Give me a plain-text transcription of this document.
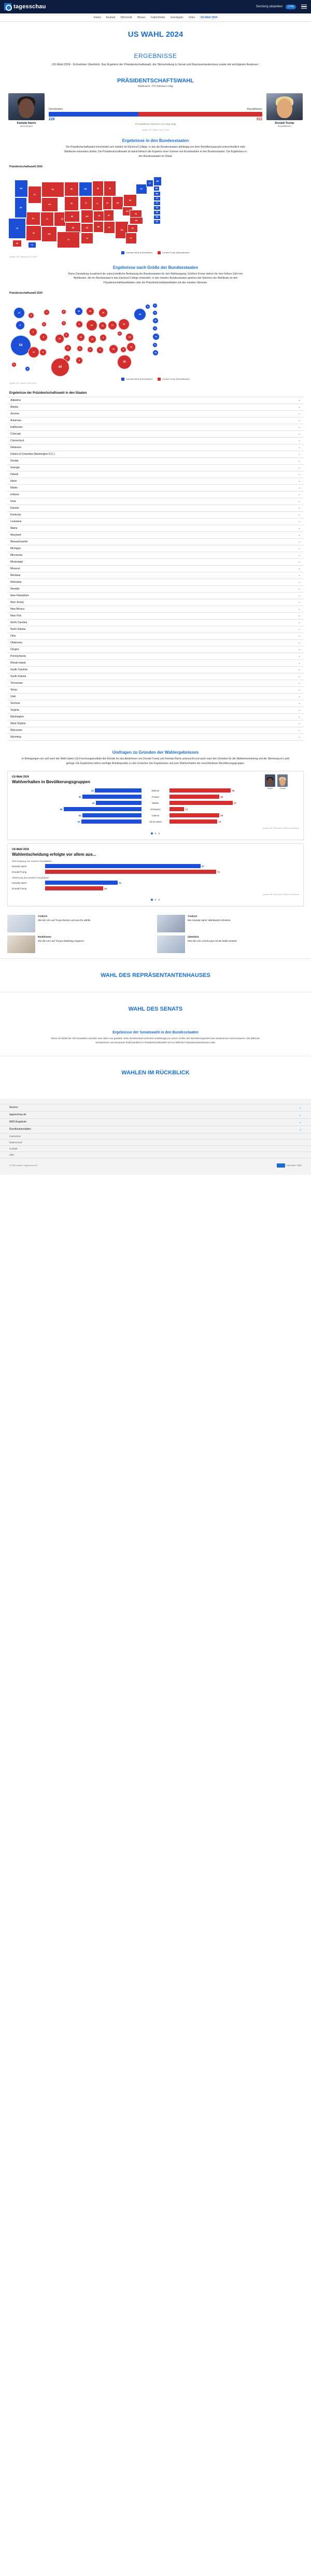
tagesschau	Sendung abspielen	LIVE
Inland Ausland Wirtschaft Wissen Faktenfinder Investigativ Video US-Wahl 2024
US WAHL 2024
ERGEBNISSE
US-Wahl 2024 - Schnellster Überblick: Das Ergebnis der Präsidentschaftswahl, die Sitzverteilung in Senat und Repräsentantenhaus sowie die wichtigsten Analysen.
PRÄSIDENTSCHAFTSWAHL
Wahlnacht: 270 Stimmen nötig
Kamala Harris
Demokraten
Demokraten	Republikaner
226	312
270 Wahlleute-Stimmen zum Sieg nötig	Donald Trump
Republikaner
Quelle: AP, Stand: 06.11.2024
Ergebnisse in den Bundesstaaten
Die Präsidentschaftswahl entscheidet sich letztlich im Electoral College, in das die Bundesstaaten abhängig von ihrer Bevölkerungszahl unterschiedlich viele Wahlleute entsenden dürfen. Die Präsidentschaftswahl ist damit faktisch die Ergebnis einer Summe von Einzelwahlen in den Bundesstaaten. Die Ergebnisse in den Bundesstaaten im Detail:
Präsidentschaftswahl 2024
CA
NV
AZ
OR
WA
ID
UT
NM
MT
WY
CO
ND
SD
NE
KS
TX
IA
MN
MO
AR
LA
WI
IL	IN
TN
MS	AL
MI
OH
KY
GA
FL
PA
WV
VA
NC
SC
NY
VT
ME
NH
MA
RI
CT
NJ
DE
MD
DC
AK
HI
Kamala Harris (Demokraten)	Donald Trump (Republikaner)
Quelle: AP, Stand: 06.11.2024
Ergebnisse nach Größe der Bundesstaaten
Diese Darstellung visualisiert die unterschiedliche Bedeutung der Bundesstaaten für den Wahlausgang. Größere Kreise stehen für eine höhere Zahl von Wahlleuten, die ein Bundesstaat in das Electoral College entsendet. In den meisten Bundesstaaten gewinnt alle Stimmen der Wahlleute an den Präsidentschaftskandidaten oder die Präsidentschaftskandidatin mit den meisten Stimmen.
Präsidentschaftswahl 2024
54
6
11
8
12
4
6
5
4
3
10
3
3
5
6
7
40
6
10
10
6
8
10
19	11
11
6	9
15
17
8
16
30
19
4
13
16
9
28
3	2
4
11
4
14
3
10
3
4
Kamala Harris (Demokraten)	Donald Trump (Republikaner)
Quelle: AP, Stand: 06.11.2024
Ergebnisse der Präsidentschaftswahl in den Staaten
Alabama	⌄
Alaska	⌄
Arizona	⌄
Arkansas	⌄
Kalifornien	⌄
Colorado	⌄
Connecticut	⌄
Delaware	⌄
District of Columbia (Washington D.C.)	⌄
Florida	⌄
Georgia	⌄
Hawaii	⌄
Idaho	⌄
Illinois	⌄
Indiana	⌄
Iowa	⌄
Kansas	⌄
Kentucky	⌄
Louisiana	⌄
Maine	⌄
Maryland	⌄
Massachusetts	⌄
Michigan	⌄
Minnesota	⌄
Mississippi	⌄
Missouri	⌄
Montana	⌄
Nebraska	⌄
Nevada	⌄
New Hampshire	⌄
New Jersey	⌄
New Mexico	⌄
New York	⌄
North Carolina	⌄
North Dakota	⌄
Ohio	⌄
Oklahoma	⌄
Oregon	⌄
Pennsylvania	⌄
Rhode Island	⌄
South Carolina	⌄
South Dakota	⌄
Tennessee	⌄
Texas	⌄
Utah	⌄
Vermont	⌄
Virginia	⌄
Washington	⌄
West Virginia	⌄
Wisconsin	⌄
Wyoming	⌄
Umfragen zu Gründen der Wahlergebnisses
In Befragungen am und nach der Wahl haben US-Forschungsinstitute die Gründe für das Abstimmen von Donald Trump und Kamala Harris untersucht und auch nach den Gründen für die Wahlentscheidung und die Stimmung im Land gefragt. Die Ergebnisse liefern wichtige Anhaltspunkte zu den Ursachen des Ergebnisses und zum Wahlverhalten der verschiedenen Bevölkerungsgruppen.
US-Wahl 2024
Wahlverhalten in Bevölkerungsgruppen
Harris	Trump
42	Männer	55
53	Frauen	45
41	Weiße	57
86	Schwarze	13
53	Latinos	45
54	18-29 Jahre	43
Quelle: AP VoteCast / Edison Research
US-Wahl 2024
Wahlentscheidung erfolgte vor allem aus...
Überzeugung von meinem Kandidaten
Kamala Harris	67
Donald Trump	73
Ablehnung des anderen Kandidaten
Kamala Harris	31
Donald Trump	25
Quelle: AP VoteCast / Edison Research
Analyse
Wie die USA auf Trump blicken und was ihn wählte
Analyse
Wie Kamala Harris' Wahlkampf scheiterte
Reaktionen
Wie die USA auf Trumps Wahlsieg reagieren
Überblick
Was die USA und Europa mit der Wahl erwartet
WAHL DES REPRÄSENTANTENHAUSES
WAHL DES SENATS
Ergebnisse der Senatswahl in den Bundesstaaten
Reise ein Drittel der 100 Senatsitze wird alle zwei Jahre neu gewählt. Jeder Bundesstaat entsendet unabhängig von seiner Größe oder Bevölkerungszahl zwei Senatorinnen und Senatoren. Die Wahl der Senatorinnen und Senatoren findet parallel zur Präsidentschaftswahl und zur Wahl des Repräsentantenhauses statt.
WAHLEN IM RÜCKBLICK
Service	⌄
tagesschau.de	⌄
ARD Angebote	⌄
Rundfunkanstalten	⌄
Impressum
Datenschutz
Kontakt
Hilfe
© ARD-aktuell / tagesschau.de	Das Erste / ARD
